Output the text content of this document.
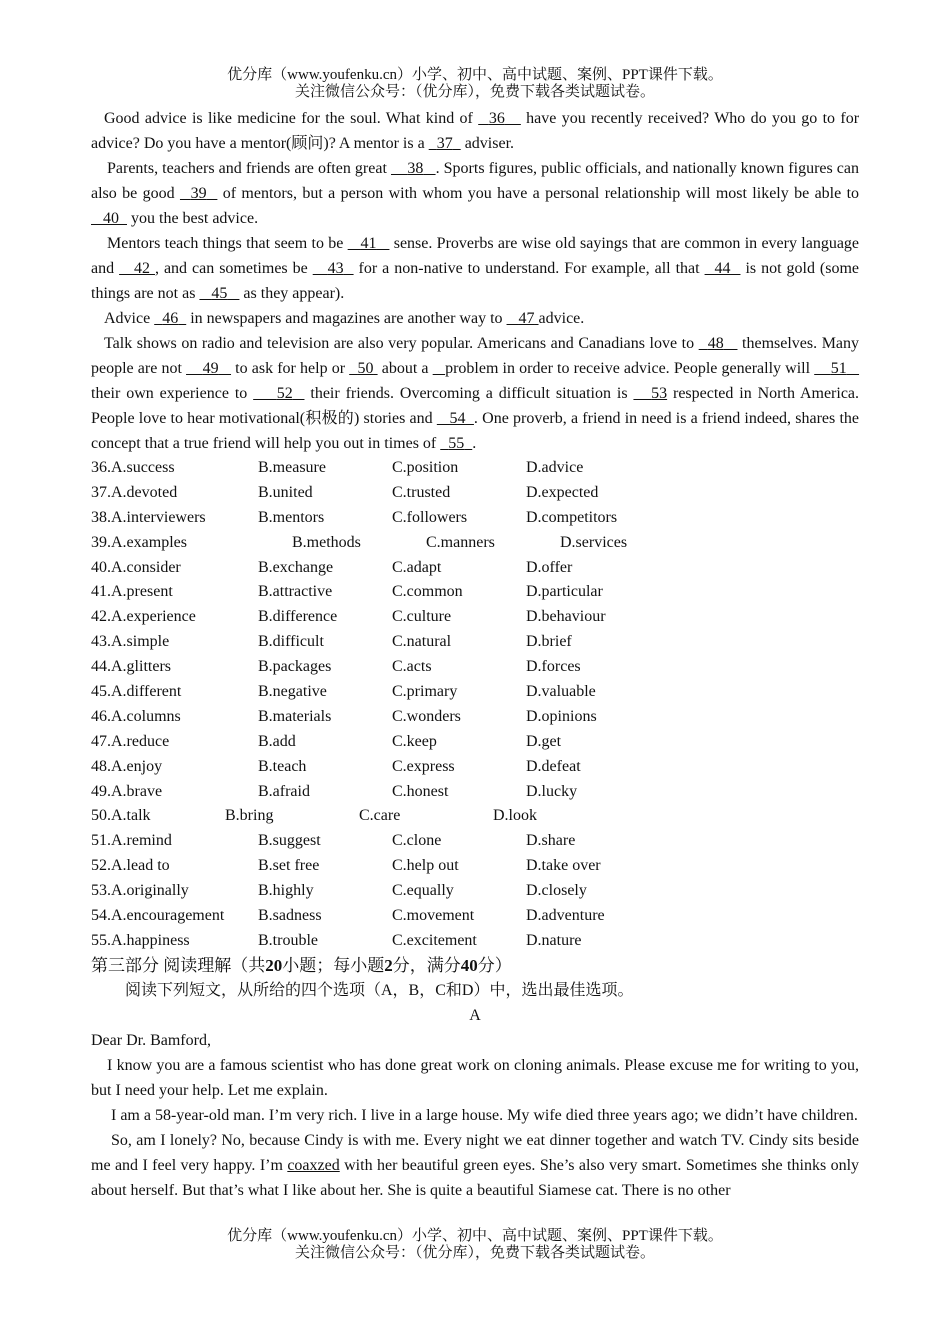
优分库（www.youfenku.cn）小学、初中、高中试题、案例、PPT课件下载。
关注微信公众号：（优分库），免费下载各类试题试卷。
Good advice is like medicine for the soul. What kind of   36    have you recently received? Who do you go to for advice? Do you have a mentor(顾问)? A mentor is a   37   adviser.
Parents, teachers and friends are often great     38 . Sports figures, public officials, and nationally known figures can also be good   39   of mentors, but a person with whom you have a personal relationship will most likely be able to    40   you the best advice.
Mentors teach things that seem to be    41    sense. Proverbs are wise old sayings that are common in every language and    42 , and can sometimes be    43   for a non-native to understand. For example, all that   44   is not gold (some things are not as    45    as they appear).
Advice   46   in newspapers and magazines are another way to    47 advice.
Talk shows on radio and television are also very popular. Americans and Canadians love to   48    themselves. Many people are not     49    to ask for help or   50  about a    problem in order to receive advice. People generally will     51    their own experience to     52   their friends. Overcoming a difficult situation is    53 respected in North America. People love to hear motivational(积极的) stories and    54 . One proverb, a friend in need is a friend indeed, shares the concept that a true friend will help you out in times of   55 .
36.A.success	B.measure	C.position	D.advice
37.A.devoted	B.united	C.trusted	D.expected
38.A.interviewers	B.mentors	C.followers	D.competitors
39.A.examples	B.methods	C.manners	D.services
40.A.consider	B.exchange	C.adapt	D.offer
41.A.present	B.attractive	C.common	D.particular
42.A.experience	B.difference	C.culture	D.behaviour
43.A.simple	B.difficult	C.natural	D.brief
44.A.glitters	B.packages	C.acts	D.forces
45.A.different	B.negative	C.primary	D.valuable
46.A.columns	B.materials	C.wonders	D.opinions
47.A.reduce	B.add	C.keep	D.get
48.A.enjoy	B.teach	C.express	D.defeat
49.A.brave	B.afraid	C.honest	D.lucky
50.A.talk	B.bring	C.care	D.look
51.A.remind	B.suggest	C.clone	D.share
52.A.lead to	B.set free	C.help out	D.take over
53.A.originally	B.highly	C.equally	D.closely
54.A.encouragement	B.sadness	C.movement	D.adventure
55.A.happiness	B.trouble	C.excitement	D.nature
第三部分 阅读理解（共20小题；每小题2分，满分40分）
阅读下列短文，从所给的四个选项（A，B，C和D）中，选出最佳选项。
A
Dear Dr. Bamford,
I know you are a famous scientist who has done great work on cloning animals. Please excuse me for writing to you, but I need your help. Let me explain.
I am a 58-year-old man. I’m very rich. I live in a large house. My wife died three years ago; we didn’t have children.
So, am I lonely? No, because Cindy is with me. Every night we eat dinner together and watch TV. Cindy sits beside me and I feel very happy. I’m coaxzed with her beautiful green eyes. She’s also very smart. Sometimes she thinks only about herself. But that’s what I like about her. She is quite a beautiful Siamese cat. There is no other
优分库（www.youfenku.cn）小学、初中、高中试题、案例、PPT课件下载。
关注微信公众号：（优分库），免费下载各类试题试卷。
